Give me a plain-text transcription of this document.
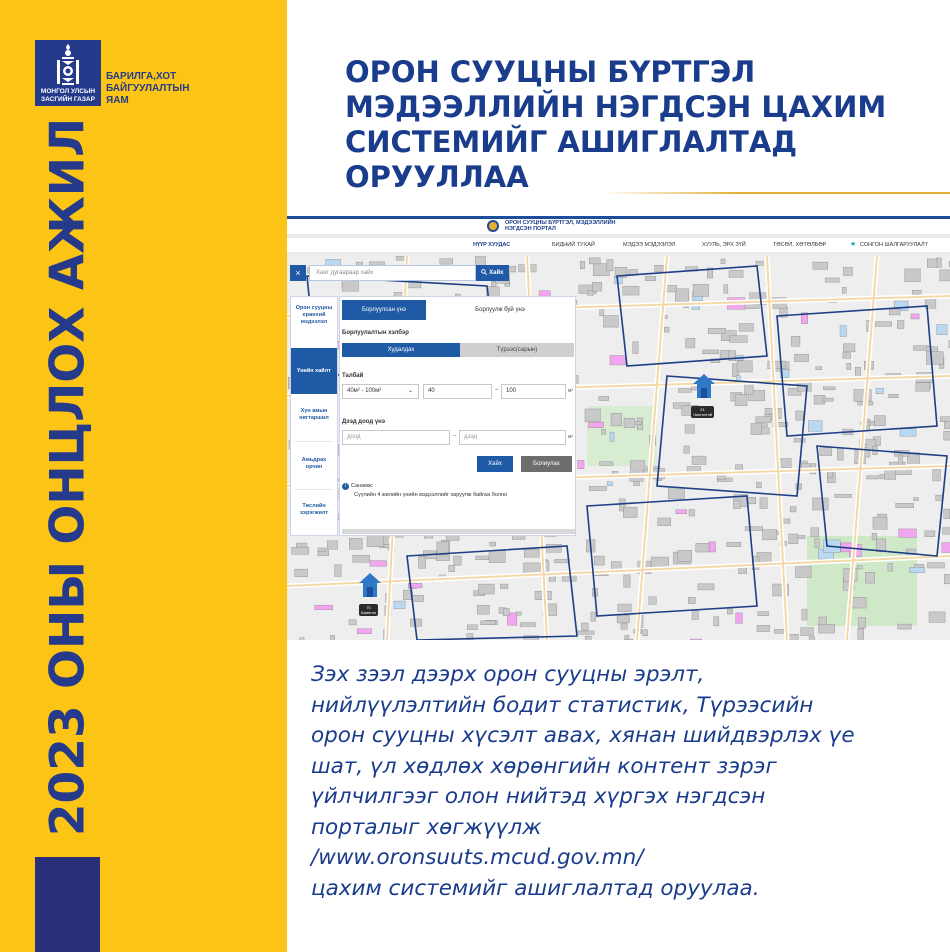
МОНГОЛ УЛСЫН
ЗАСГИЙН ГАЗАР
БАРИЛГА,ХОТ
БАЙГУУЛАЛТЫН
ЯАМ
2023 ОНЫ ОНЦЛОХ АЖИЛ
ОРОН СУУЦНЫ БҮРТГЭЛ
МЭДЭЭЛЛИЙН НЭГДСЭН ЦАХИМ
СИСТЕМИЙГ АШИГЛАЛТАД
ОРУУЛЛАА
ОРОН СУУЦНЫ БҮРТГЭЛ, МЭДЭЭЛЛИЙН
НЭГДСЭН ПОРТАЛ
НҮҮР ХУУДАС	БИДНИЙ ТУХАЙ	МЭДЭЭ МЭДЭЭЛЭЛ	ХУУЛЬ, ЭРХ ЗҮЙ	ТӨСӨЛ, ХӨТӨЛБӨР	★ СОНГОН ШАЛГАРУУЛАЛТ
×	Хаяг дугаараар хайх	Хайх
Орон сууцны
ерөнхий
мэдээлэл
Үнийн хайлт
Хүн амын
нягтаршил
Амьдрах
орчин
Төслийн
хэрэгжилт
Борлуулсан үнэ	Борлуулж буй үнэ
Борлуулалтын хэлбэр
Худалдах	Түрээс(сарын)
Талбай
40м² - 100м²	⌄	40	–	100	м²
Дээд доод үнэ
доод	–	дээд	м²
Хайх	Болиулах
i Санамж:
Сүүлийн 4 жилийн үнийн мэдээллийг харуулж байгаа болно
21
Чингэлтэй
70
Баянгол
Зэх зээл дээрх орон сууцны эрэлт,
нийлүүлэлтийн бодит статистик, Түрээсийн
орон сууцны хүсэлт авах, хянан шийдвэрлэх үе
шат, үл хөдлөх хөрөнгийн контент зэрэг
үйлчилгээг олон нийтэд хүргэх нэгдсэн
порталыг хөгжүүлж
/www.oronsuuts.mcud.gov.mn/
цахим системийг ашиглалтад оруулаа.
